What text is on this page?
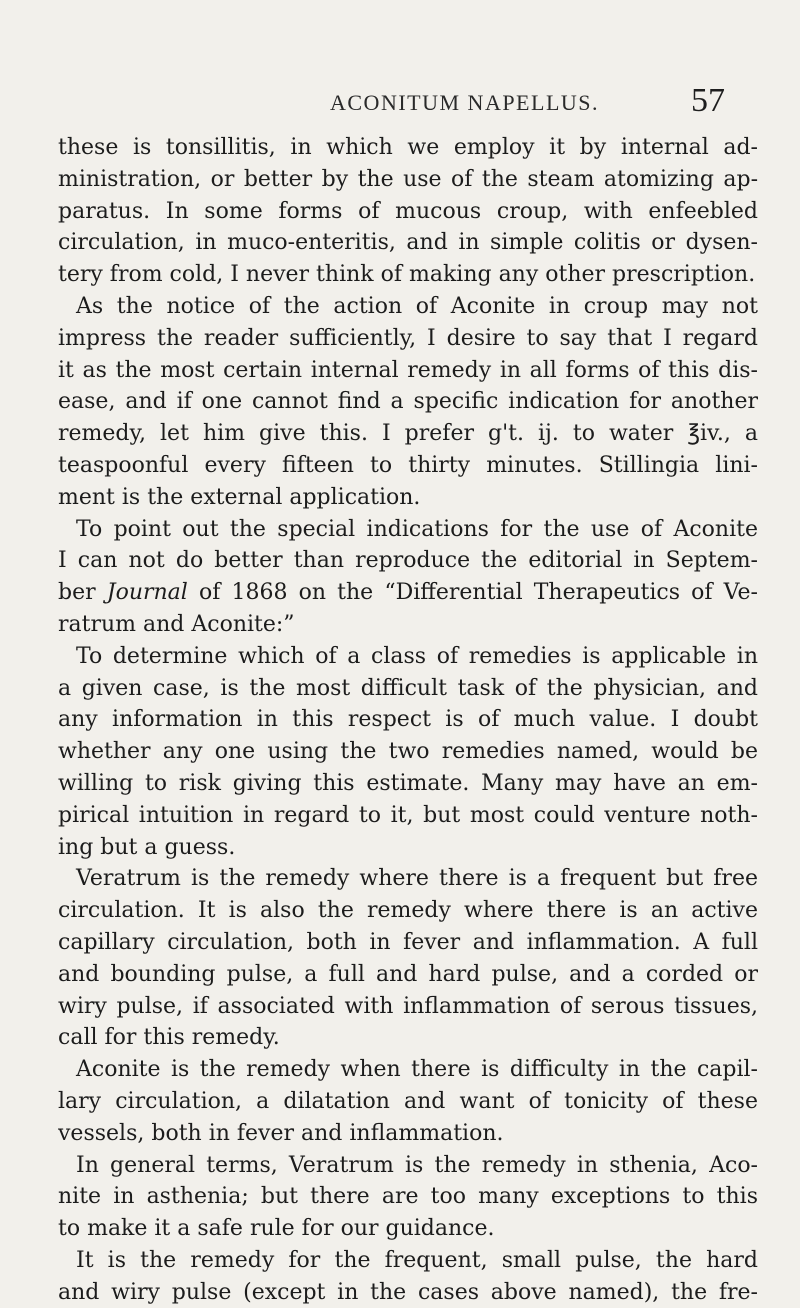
ACONITUM NAPELLUS.	57
these is tonsillitis, in which we employ it by internal ad-
ministration, or better by the use of the steam atomizing ap-
paratus. In some forms of mucous croup, with enfeebled
circulation, in muco-enteritis, and in simple colitis or dysen-
tery from cold, I never think of making any other prescription.
As the notice of the action of Aconite in croup may not
impress the reader sufficiently, I desire to say that I regard
it as the most certain internal remedy in all forms of this dis-
ease, and if one cannot find a specific indication for another
remedy, let him give this. I prefer g't. ij. to water ℥iv., a
teaspoonful every fifteen to thirty minutes. Stillingia lini-
ment is the external application.
To point out the special indications for the use of Aconite
I can not do better than reproduce the editorial in Septem-
ber Journal of 1868 on the “Differential Therapeutics of Ve-
ratrum and Aconite:”
To determine which of a class of remedies is applicable in
a given case, is the most difficult task of the physician, and
any information in this respect is of much value. I doubt
whether any one using the two remedies named, would be
willing to risk giving this estimate. Many may have an em-
pirical intuition in regard to it, but most could venture noth-
ing but a guess.
Veratrum is the remedy where there is a frequent but free
circulation. It is also the remedy where there is an active
capillary circulation, both in fever and inflammation. A full
and bounding pulse, a full and hard pulse, and a corded or
wiry pulse, if associated with inflammation of serous tissues,
call for this remedy.
Aconite is the remedy when there is difficulty in the capil-
lary circulation, a dilatation and want of tonicity of these
vessels, both in fever and inflammation.
In general terms, Veratrum is the remedy in sthenia, Aco-
nite in asthenia; but there are too many exceptions to this
to make it a safe rule for our guidance.
It is the remedy for the frequent, small pulse, the hard
and wiry pulse (except in the cases above named), the fre-
